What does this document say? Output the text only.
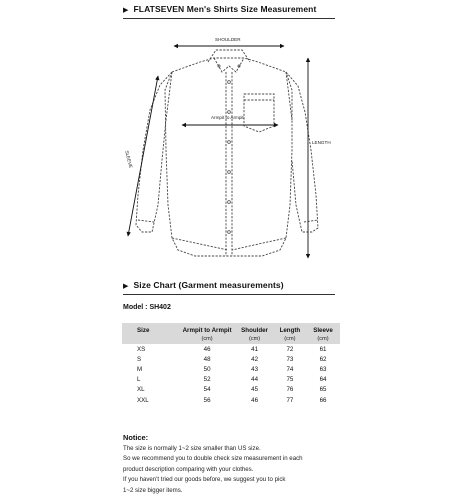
▶ FLATSEVEN Men's Shirts Size Measurement
SHOULDER
Armpit to Armpit
SLEEVE
LENGTH
▶ Size Chart (Garment measurements)
Model : SH402
Size	Armpit to Armpit	Shoulder	Length	Sleeve
	(cm)	(cm)	(cm)	(cm)
XS	46	41	72	61
S	48	42	73	62
M	50	43	74	63
L	52	44	75	64
XL	54	45	76	65
XXL	56	46	77	66
Notice:
The size is normally 1~2 size smaller than US size.
So we recommend you to double check size measurement in each
product description comparing with your clothes.
If you haven't tried our goods before, we suggest you to pick
1~2 size bigger items.
